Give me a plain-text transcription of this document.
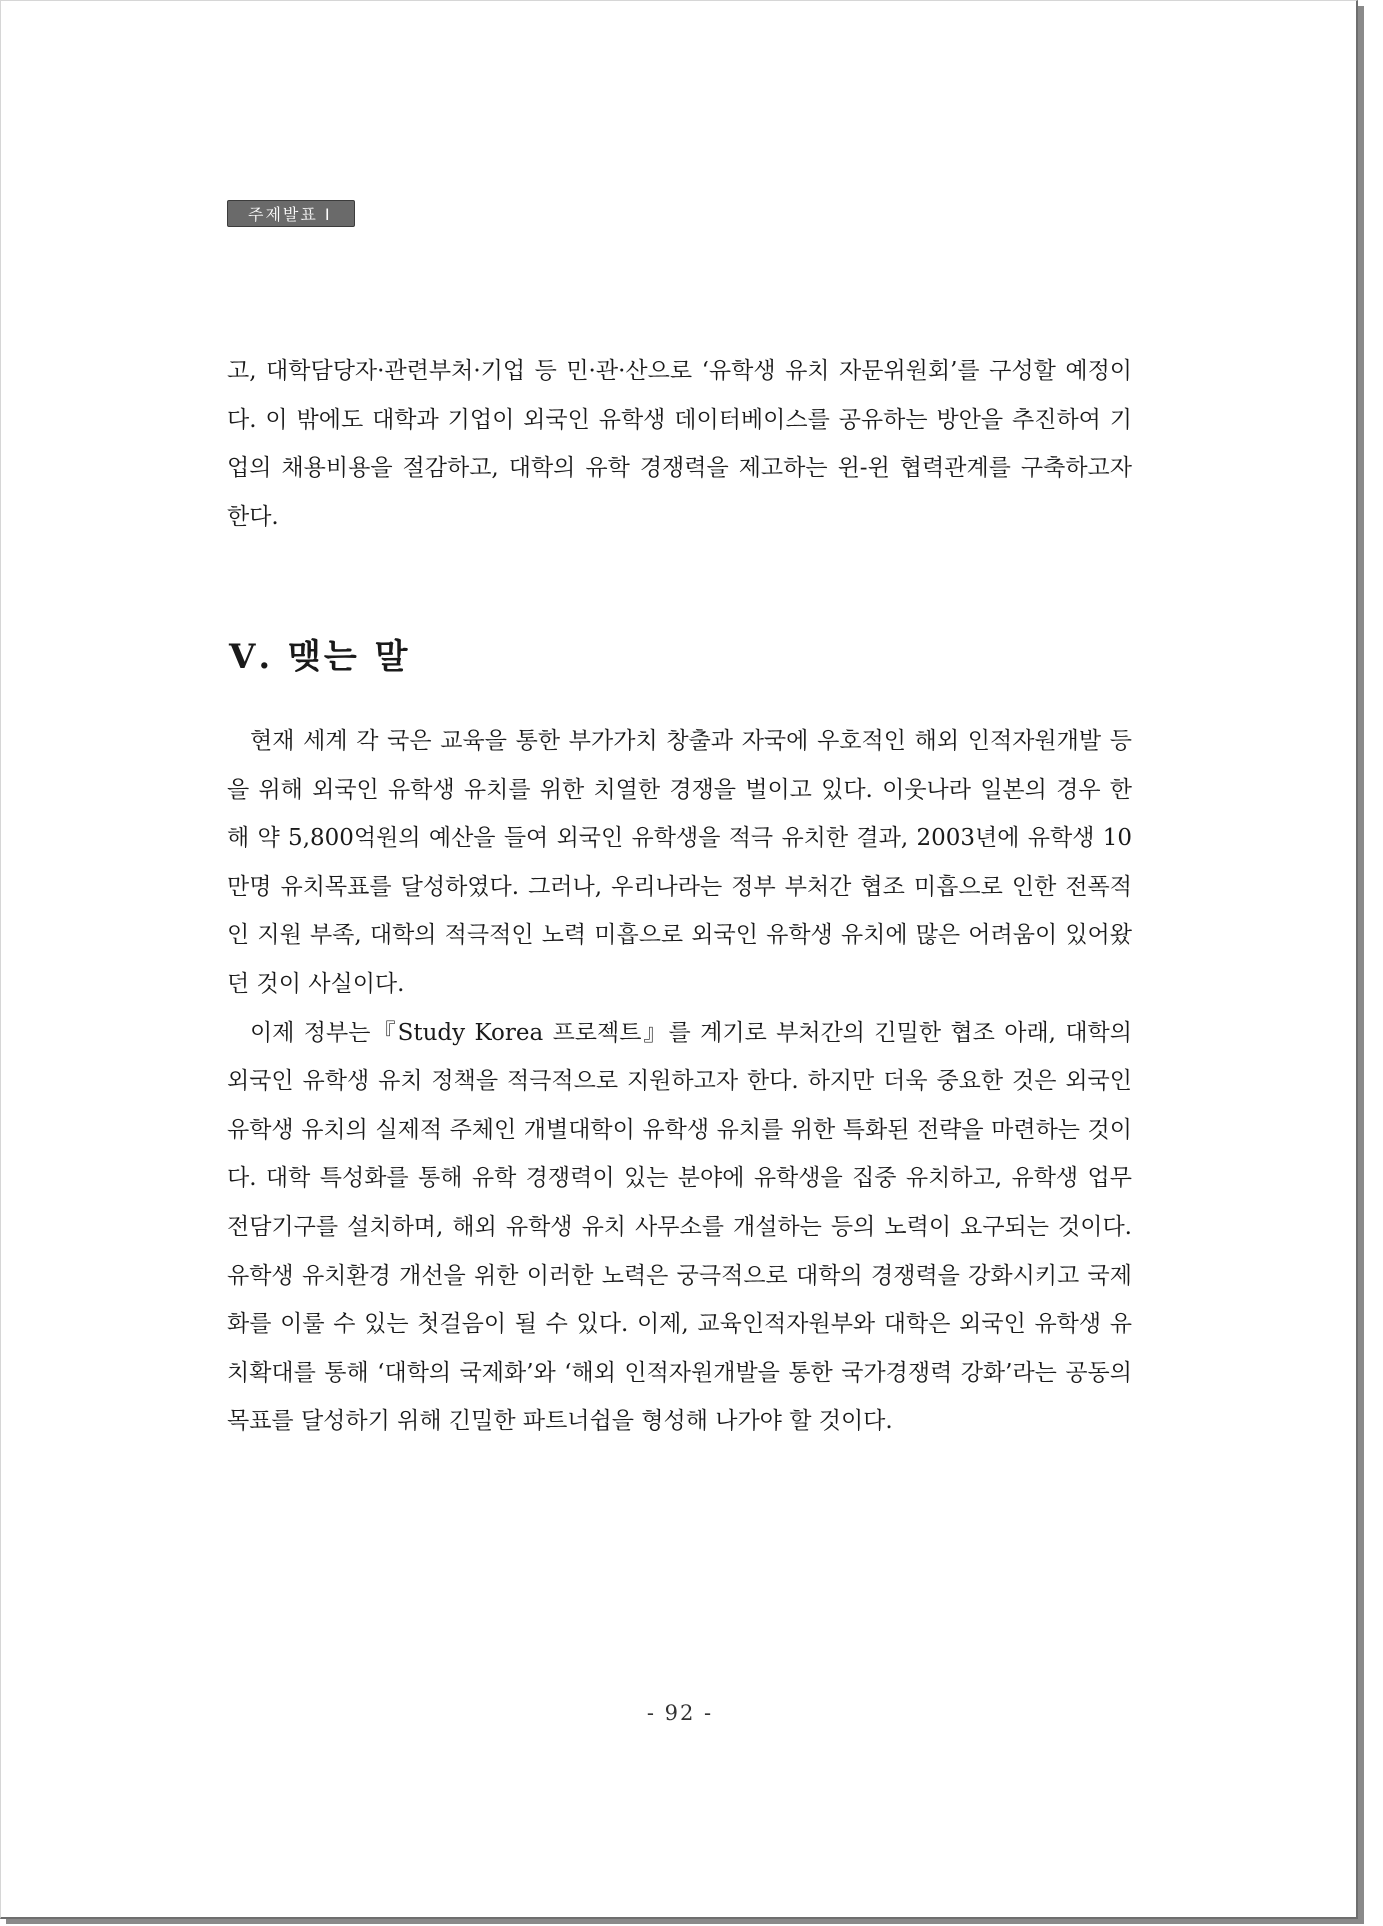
주제발표 I

고, 대학담당자·관련부처·기업 등 민·관·산으로 ‘유학생 유치 자문위원회’를 구성할 예정이다. 이 밖에도 대학과 기업이 외국인 유학생 데이터베이스를 공유하는 방안을 추진하여 기업의 채용비용을 절감하고, 대학의 유학 경쟁력을 제고하는 윈-윈 협력관계를 구축하고자 한다.

Ⅴ. 맺는 말

현재 세계 각 국은 교육을 통한 부가가치 창출과 자국에 우호적인 해외 인적자원개발 등을 위해 외국인 유학생 유치를 위한 치열한 경쟁을 벌이고 있다. 이웃나라 일본의 경우 한 해 약 5,800억원의 예산을 들여 외국인 유학생을 적극 유치한 결과, 2003년에 유학생 10만명 유치목표를 달성하였다. 그러나, 우리나라는 정부 부처간 협조 미흡으로 인한 전폭적인 지원 부족, 대학의 적극적인 노력 미흡으로 외국인 유학생 유치에 많은 어려움이 있어왔던 것이 사실이다.

이제 정부는『Study Korea 프로젝트』를 계기로 부처간의 긴밀한 협조 아래, 대학의 외국인 유학생 유치 정책을 적극적으로 지원하고자 한다. 하지만 더욱 중요한 것은 외국인 유학생 유치의 실제적 주체인 개별대학이 유학생 유치를 위한 특화된 전략을 마련하는 것이다. 대학 특성화를 통해 유학 경쟁력이 있는 분야에 유학생을 집중 유치하고, 유학생 업무 전담기구를 설치하며, 해외 유학생 유치 사무소를 개설하는 등의 노력이 요구되는 것이다. 유학생 유치환경 개선을 위한 이러한 노력은 궁극적으로 대학의 경쟁력을 강화시키고 국제화를 이룰 수 있는 첫걸음이 될 수 있다. 이제, 교육인적자원부와 대학은 외국인 유학생 유치확대를 통해 ‘대학의 국제화’와 ‘해외 인적자원개발을 통한 국가경쟁력 강화’라는 공동의 목표를 달성하기 위해 긴밀한 파트너쉽을 형성해 나가야 할 것이다.

- 92 -
